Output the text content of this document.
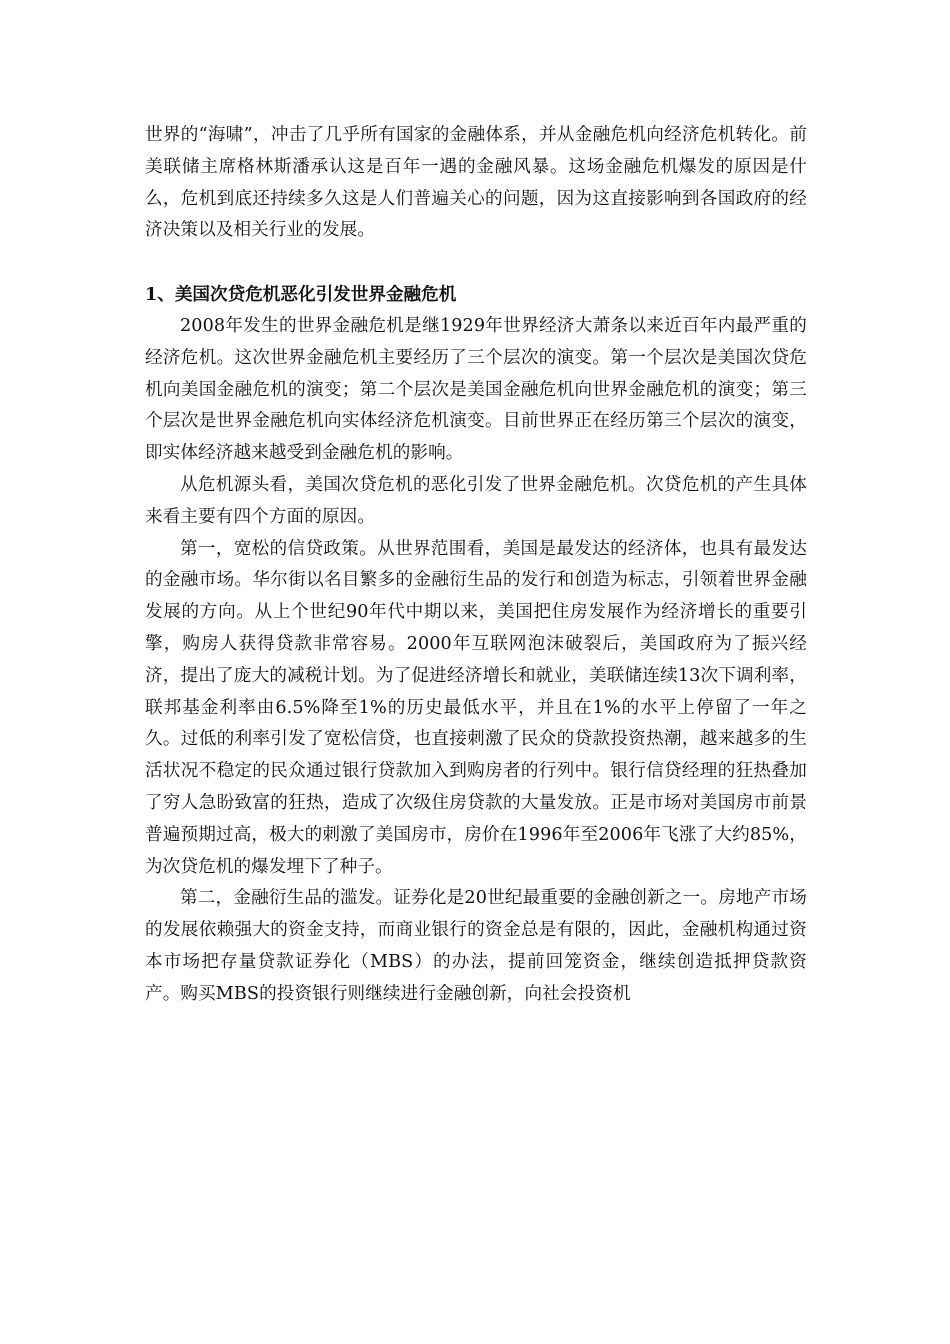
世界的“海啸”，冲击了几乎所有国家的金融体系，并从金融危机向经济危机转化。前美联储主席格林斯潘承认这是百年一遇的金融风暴。这场金融危机爆发的原因是什么，危机到底还持续多久这是人们普遍关心的问题，因为这直接影响到各国政府的经济决策以及相关行业的发展。

1、美国次贷危机恶化引发世界金融危机

2008年发生的世界金融危机是继1929年世界经济大萧条以来近百年内最严重的经济危机。这次世界金融危机主要经历了三个层次的演变。第一个层次是美国次贷危机向美国金融危机的演变；第二个层次是美国金融危机向世界金融危机的演变；第三个层次是世界金融危机向实体经济危机演变。目前世界正在经历第三个层次的演变，即实体经济越来越受到金融危机的影响。

从危机源头看，美国次贷危机的恶化引发了世界金融危机。次贷危机的产生具体来看主要有四个方面的原因。

第一，宽松的信贷政策。从世界范围看，美国是最发达的经济体，也具有最发达的金融市场。华尔街以名目繁多的金融衍生品的发行和创造为标志，引领着世界金融发展的方向。从上个世纪90年代中期以来，美国把住房发展作为经济增长的重要引擎，购房人获得贷款非常容易。2000年互联网泡沫破裂后，美国政府为了振兴经济，提出了庞大的减税计划。为了促进经济增长和就业，美联储连续13次下调利率，联邦基金利率由6.5%降至1%的历史最低水平，并且在1%的水平上停留了一年之久。过低的利率引发了宽松信贷，也直接刺激了民众的贷款投资热潮，越来越多的生活状况不稳定的民众通过银行贷款加入到购房者的行列中。银行信贷经理的狂热叠加了穷人急盼致富的狂热，造成了次级住房贷款的大量发放。正是市场对美国房市前景普遍预期过高，极大的刺激了美国房市，房价在1996年至2006年飞涨了大约85%，为次贷危机的爆发埋下了种子。

第二，金融衍生品的滥发。证券化是20世纪最重要的金融创新之一。房地产市场的发展依赖强大的资金支持，而商业银行的资金总是有限的，因此，金融机构通过资本市场把存量贷款证券化（MBS）的办法，提前回笼资金，继续创造抵押贷款资产。购买MBS的投资银行则继续进行金融创新，向社会投资机
